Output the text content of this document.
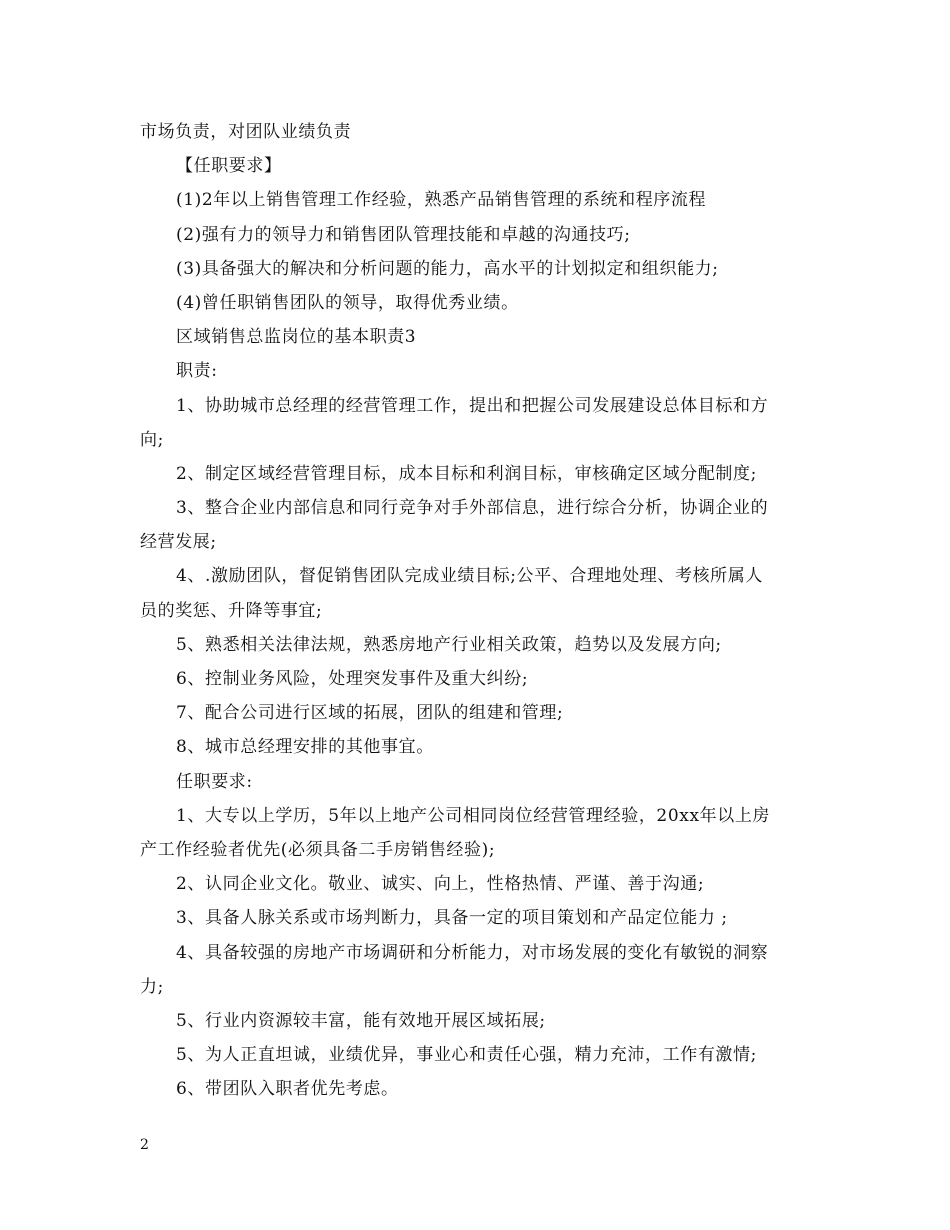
市场负责，对团队业绩负责
【任职要求】
(1)2年以上销售管理工作经验，熟悉产品销售管理的系统和程序流程
(2)强有力的领导力和销售团队管理技能和卓越的沟通技巧;
(3)具备强大的解决和分析问题的能力，高水平的计划拟定和组织能力;
(4)曾任职销售团队的领导，取得优秀业绩。
区域销售总监岗位的基本职责3
职责:
1、协助城市总经理的经营管理工作，提出和把握公司发展建设总体目标和方
向;
2、制定区域经营管理目标，成本目标和利润目标，审核确定区域分配制度;
3、整合企业内部信息和同行竞争对手外部信息，进行综合分析，协调企业的
经营发展;
4、.激励团队，督促销售团队完成业绩目标;公平、合理地处理、考核所属人
员的奖惩、升降等事宜;
5、熟悉相关法律法规，熟悉房地产行业相关政策，趋势以及发展方向;
6、控制业务风险，处理突发事件及重大纠纷;
7、配合公司进行区域的拓展，团队的组建和管理;
8、城市总经理安排的其他事宜。
任职要求:
1、大专以上学历，5年以上地产公司相同岗位经营管理经验，20xx年以上房
产工作经验者优先(必须具备二手房销售经验);
2、认同企业文化。敬业、诚实、向上，性格热情、严谨、善于沟通;
3、具备人脉关系或市场判断力，具备一定的项目策划和产品定位能力 ;
4、具备较强的房地产市场调研和分析能力，对市场发展的变化有敏锐的洞察
力;
5、行业内资源较丰富，能有效地开展区域拓展;
5、为人正直坦诚，业绩优异，事业心和责任心强，精力充沛，工作有激情;
6、带团队入职者优先考虑。
2
